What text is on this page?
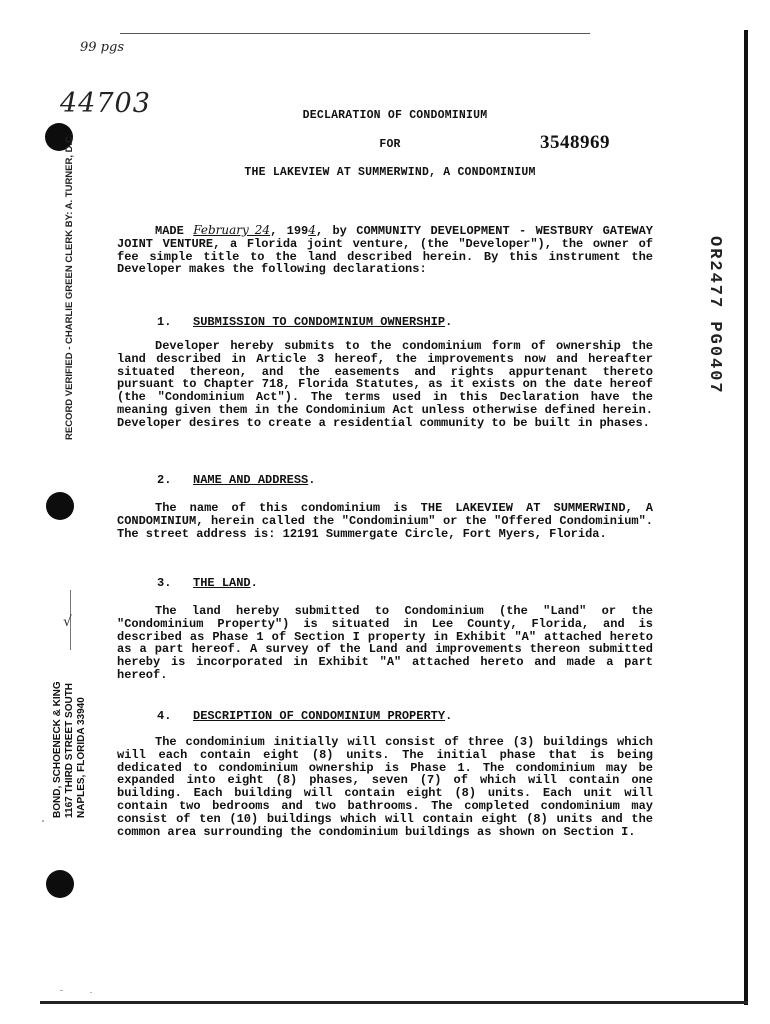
99 pgs
44703	DECLARATION OF CONDOMINIUM
FOR	3548969
THE LAKEVIEW AT SUMMERWIND, A CONDOMINIUM
OR2477 PG0407
RECORD VERIFIED - CHARLIE GREEN CLERK BY: A. TURNER, D.C.
BOND, SCHOENECK & KING 1167 THIRD STREET SOUTH NAPLES, FLORIDA 33940
√
MADE February 24, 1994, by COMMUNITY DEVELOPMENT - WESTBURY GATEWAY JOINT VENTURE, a Florida joint venture, (the "Developer"), the owner of fee simple title to the land described herein. By this instrument the Developer makes the following declarations:
1. SUBMISSION TO CONDOMINIUM OWNERSHIP.
Developer hereby submits to the condominium form of ownership the land described in Article 3 hereof, the improvements now and hereafter situated thereon, and the easements and rights appurtenant thereto pursuant to Chapter 718, Florida Statutes, as it exists on the date hereof (the "Condominium Act"). The terms used in this Declaration have the meaning given them in the Condominium Act unless otherwise defined herein. Developer desires to create a residential community to be built in phases.
2. NAME AND ADDRESS.
The name of this condominium is THE LAKEVIEW AT SUMMERWIND, A CONDOMINIUM, herein called the "Condominium" or the "Offered Condominium". The street address is: 12191 Summergate Circle, Fort Myers, Florida.
3. THE LAND.
The land hereby submitted to Condominium (the "Land" or the "Condominium Property") is situated in Lee County, Florida, and is described as Phase 1 of Section I property in Exhibit "A" attached hereto as a part hereof. A survey of the Land and improvements thereon submitted hereby is incorporated in Exhibit "A" attached hereto and made a part hereof.
4. DESCRIPTION OF CONDOMINIUM PROPERTY.
The condominium initially will consist of three (3) buildings which will each contain eight (8) units. The initial phase that is being dedicated to condominium ownership is Phase 1. The condominium may be expanded into eight (8) phases, seven (7) of which will contain one building. Each building will contain eight (8) units. Each unit will contain two bedrooms and two bathrooms. The completed condominium may consist of ten (10) buildings which will contain eight (8) units and the common area surrounding the condominium buildings as shown on Section I.
